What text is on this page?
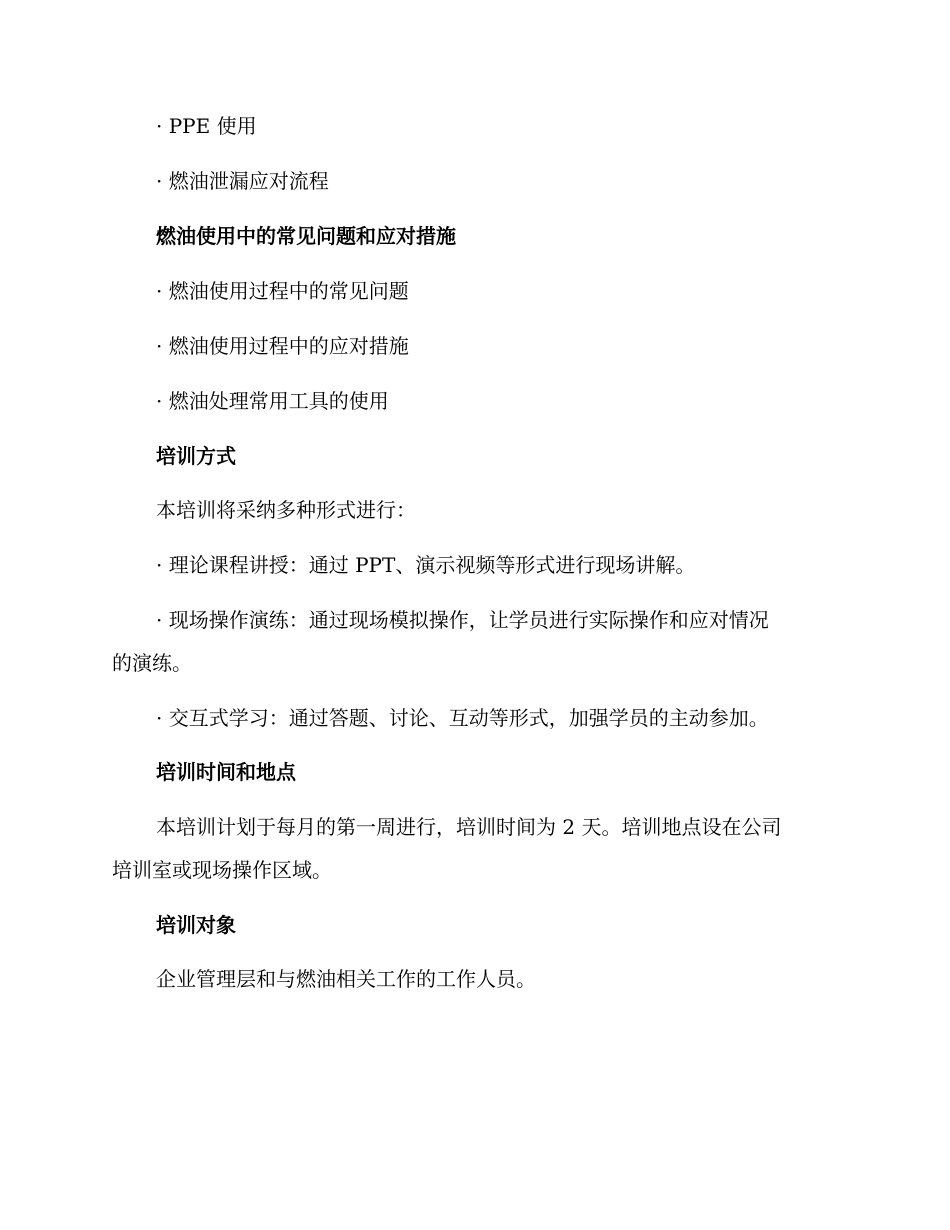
· PPE 使用
· 燃油泄漏应对流程
燃油使用中的常见问题和应对措施
· 燃油使用过程中的常见问题
· 燃油使用过程中的应对措施
· 燃油处理常用工具的使用
培训方式
本培训将采纳多种形式进行：
· 理论课程讲授：通过 PPT、演示视频等形式进行现场讲解。
· 现场操作演练：通过现场模拟操作，让学员进行实际操作和应对情况
的演练。
· 交互式学习：通过答题、讨论、互动等形式，加强学员的主动参加。
培训时间和地点
本培训计划于每月的第一周进行，培训时间为 2 天。培训地点设在公司
培训室或现场操作区域。
培训对象
企业管理层和与燃油相关工作的工作人员。
